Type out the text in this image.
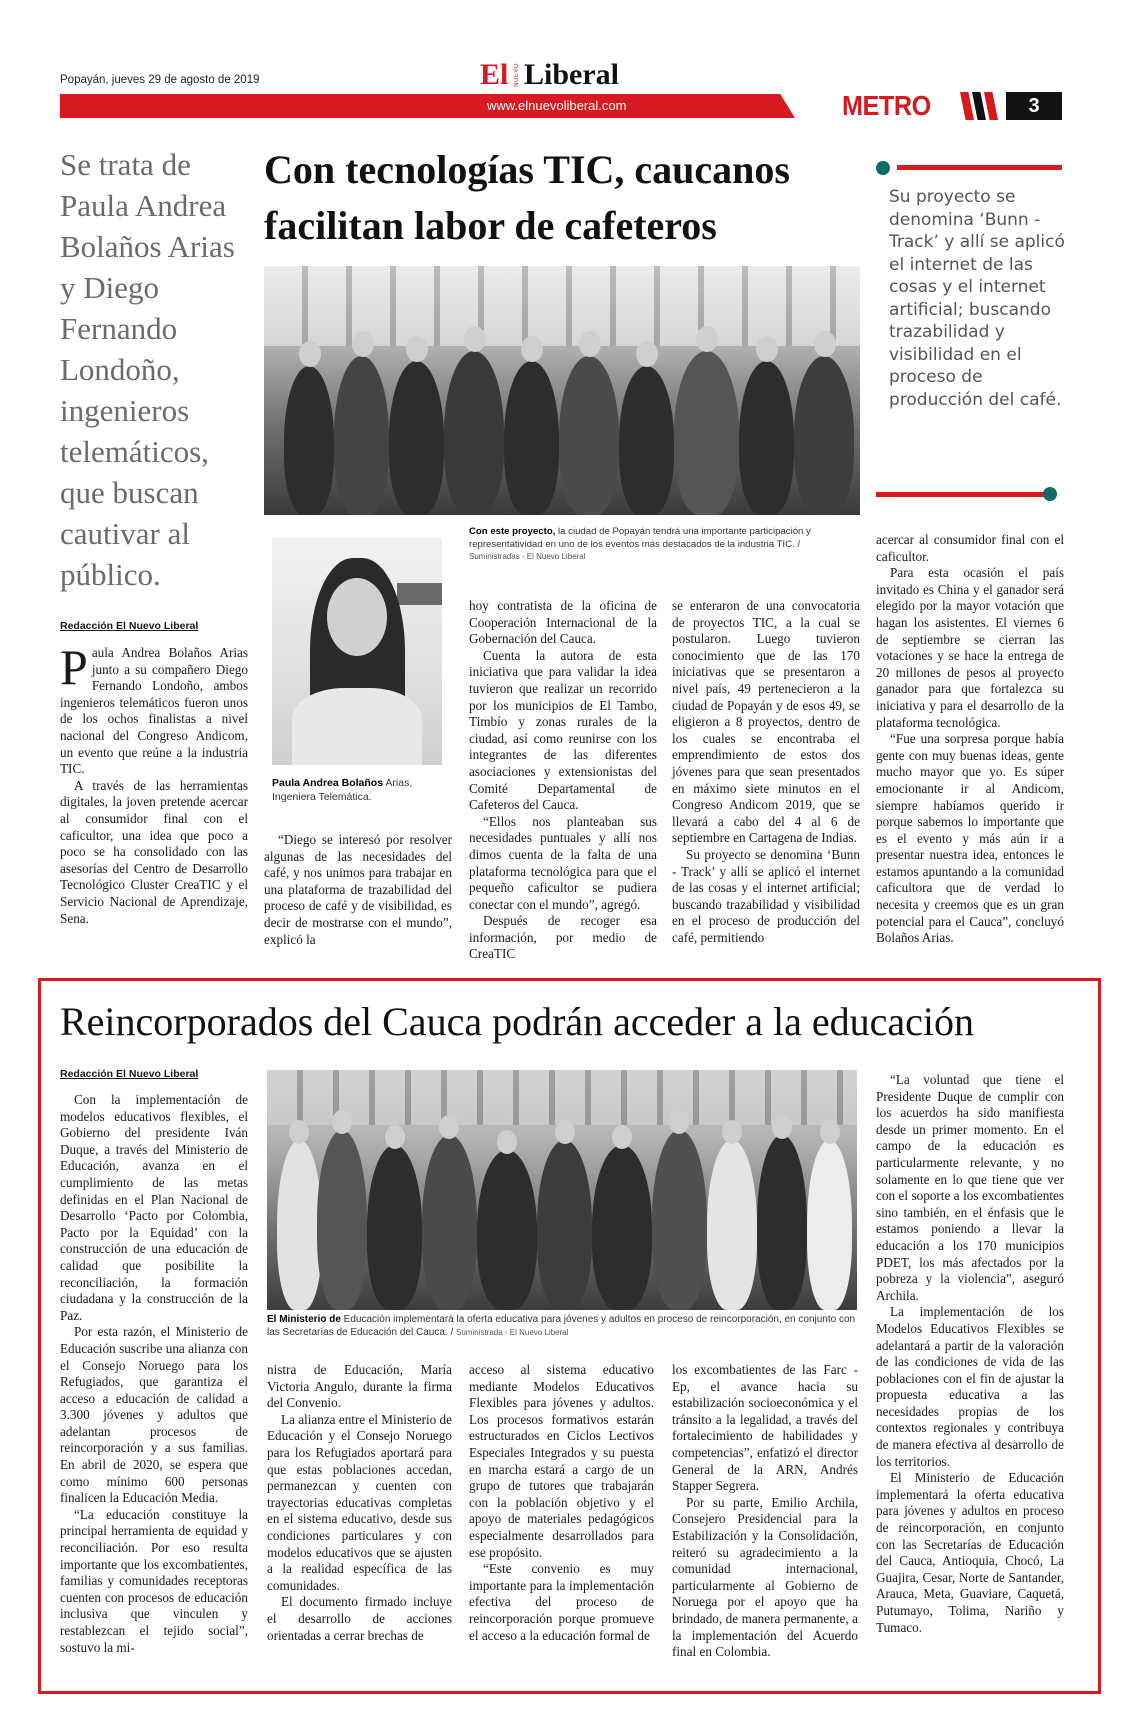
Popayán, jueves 29 de agosto de 2019	El NUEVO Liberal
www.elnuevoliberal.com	METRO	3
Se trata de Paula Andrea Bolaños Arias y Diego Fernando Londoño, ingenieros telemáticos, que buscan cautivar al público.
Con tecnologías TIC, caucanos facilitan labor de cafeteros
Su proyecto se denomina ‘Bunn - Track’ y allí se aplicó el internet de las cosas y el internet artificial; buscando trazabilidad y visibilidad en el proceso de producción del café.
Con este proyecto, la ciudad de Popayán tendrá una importante participación y representatividad en uno de los eventos más destacados de la industria TIC. / Suministradas - El Nuevo Liberal
Paula Andrea Bolaños Arias, Ingeniera Telemática.
Redacción El Nuevo Liberal

Paula Andrea Bolaños Arias junto a su compañero Diego Fernando Londoño, ambos ingenieros telemáticos fueron unos de los ochos finalistas a nivel nacional del Congreso Andicom, un evento que reúne a la industria TIC.

A través de las herramientas digitales, la joven pretende acercar al consumidor final con el caficultor, una idea que poco a poco se ha consolidado con las asesorías del Centro de Desarrollo Tecnológico Cluster CreaTIC y el Servicio Nacional de Aprendizaje, Sena.

“Diego se interesó por resolver algunas de las necesidades del café, y nos unimos para trabajar en una plataforma de trazabilidad del proceso de café y de visibilidad, es decir de mostrarse con el mundo”, explicó la

hoy contratista de la oficina de Cooperación Internacional de la Gobernación del Cauca.

Cuenta la autora de esta iniciativa que para validar la idea tuvieron que realizar un recorrido por los municipios de El Tambo, Timbío y zonas rurales de la ciudad, así como reunirse con los integrantes de las diferentes asociaciones y extensionistas del Comité Departamental de Cafeteros del Cauca.

“Ellos nos planteaban sus necesidades puntuales y allí nos dimos cuenta de la falta de una plataforma tecnológica para que el pequeño caficultor se pudiera conectar con el mundo”, agregó.

Después de recoger esa información, por medio de CreaTIC

se enteraron de una convocatoria de proyectos TIC, a la cual se postularon. Luego tuvieron conocimiento que de las 170 iniciativas que se presentaron a nivel país, 49 pertenecieron a la ciudad de Popayán y de esos 49, se eligieron a 8 proyectos, dentro de los cuales se encontraba el emprendimiento de estos dos jóvenes para que sean presentados en máximo siete minutos en el Congreso Andicom 2019, que se llevará a cabo del 4 al 6 de septiembre en Cartagena de Indias.

Su proyecto se denomina ‘Bunn - Track’ y allí se aplicó el internet de las cosas y el internet artificial; buscando trazabilidad y visibilidad en el proceso de producción del café, permitiendo

acercar al consumidor final con el caficultor.

Para esta ocasión el país invitado es China y el ganador será elegido por la mayor votación que hagan los asistentes. El viernes 6 de septiembre se cierran las votaciones y se hace la entrega de 20 millones de pesos al proyecto ganador para que fortalezca su iniciativa y para el desarrollo de la plataforma tecnológica.

“Fue una sorpresa porque había gente con muy buenas ideas, gente mucho mayor que yo. Es súper emocionante ir al Andicom, siempre habíamos querido ir porque sabemos lo importante que es el evento y más aún ir a presentar nuestra idea, entonces le estamos apuntando a la comunidad caficultora que de verdad lo necesita y creemos que es un gran potencial para el Cauca”, concluyó Bolaños Arias.

Reincorporados del Cauca podrán acceder a la educación
Redacción El Nuevo Liberal
El Ministerio de Educación implementará la oferta educativa para jóvenes y adultos en proceso de reincorporación, en conjunto con las Secretarías de Educación del Cauca. / Suministrada - El Nuevo Liberal

Con la implementación de modelos educativos flexibles, el Gobierno del presidente Iván Duque, a través del Ministerio de Educación, avanza en el cumplimiento de las metas definidas en el Plan Nacional de Desarrollo ‘Pacto por Colombia, Pacto por la Equidad’ con la construcción de una educación de calidad que posibilite la reconciliación, la formación ciudadana y la construcción de la Paz.

Por esta razón, el Ministerio de Educación suscribe una alianza con el Consejo Noruego para los Refugiados, que garantiza el acceso a educación de calidad a 3.300 jóvenes y adultos que adelantan procesos de reincorporación y a sus familias. En abril de 2020, se espera que como mínimo 600 personas finalicen la Educación Media.

“La educación constituye la principal herramienta de equidad y reconciliación. Por eso resulta importante que los excombatientes, familias y comunidades receptoras cuenten con procesos de educación inclusiva que vinculen y restablezcan el tejido social”, sostuvo la mi-

nistra de Educación, María Victoria Angulo, durante la firma del Convenio.

La alianza entre el Ministerio de Educación y el Consejo Noruego para los Refugiados aportará para que estas poblaciones accedan, permanezcan y cuenten con trayectorias educativas completas en el sistema educativo, desde sus condiciones particulares y con modelos educativos que se ajusten a la realidad específica de las comunidades.

El documento firmado incluye el desarrollo de acciones orientadas a cerrar brechas de

acceso al sistema educativo mediante Modelos Educativos Flexibles para jóvenes y adultos. Los procesos formativos estarán estructurados en Ciclos Lectivos Especiales Integrados y su puesta en marcha estará a cargo de un grupo de tutores que trabajarán con la población objetivo y el apoyo de materiales pedagógicos especialmente desarrollados para ese propósito.

“Este convenio es muy importante para la implementación efectiva del proceso de reincorporación porque promueve el acceso a la educación formal de

los excombatientes de las Farc - Ep, el avance hacia su estabilización socioeconómica y el tránsito a la legalidad, a través del fortalecimiento de habilidades y competencias”, enfatizó el director General de la ARN, Andrés Stapper Segrera.

Por su parte, Emilio Archila, Consejero Presidencial para la Estabilización y la Consolidación, reiteró su agradecimiento a la comunidad internacional, particularmente al Gobierno de Noruega por el apoyo que ha brindado, de manera permanente, a la implementación del Acuerdo final en Colombia.

“La voluntad que tiene el Presidente Duque de cumplir con los acuerdos ha sido manifiesta desde un primer momento. En el campo de la educación es particularmente relevante, y no solamente en lo que tiene que ver con el soporte a los excombatientes sino también, en el énfasis que le estamos poniendo a llevar la educación a los 170 municipios PDET, los más afectados por la pobreza y la violencia”, aseguró Archila.

La implementación de los Modelos Educativos Flexibles se adelantará a partir de la valoración de las condiciones de vida de las poblaciones con el fin de ajustar la propuesta educativa a las necesidades propias de los contextos regionales y contribuya de manera efectiva al desarrollo de los territorios.

El Ministerio de Educación implementará la oferta educativa para jóvenes y adultos en proceso de reincorporación, en conjunto con las Secretarías de Educación del Cauca, Antioquia, Chocó, La Guajira, Cesar, Norte de Santander, Arauca, Meta, Guaviare, Caquetá, Putumayo, Tolima, Nariño y Tumaco.
